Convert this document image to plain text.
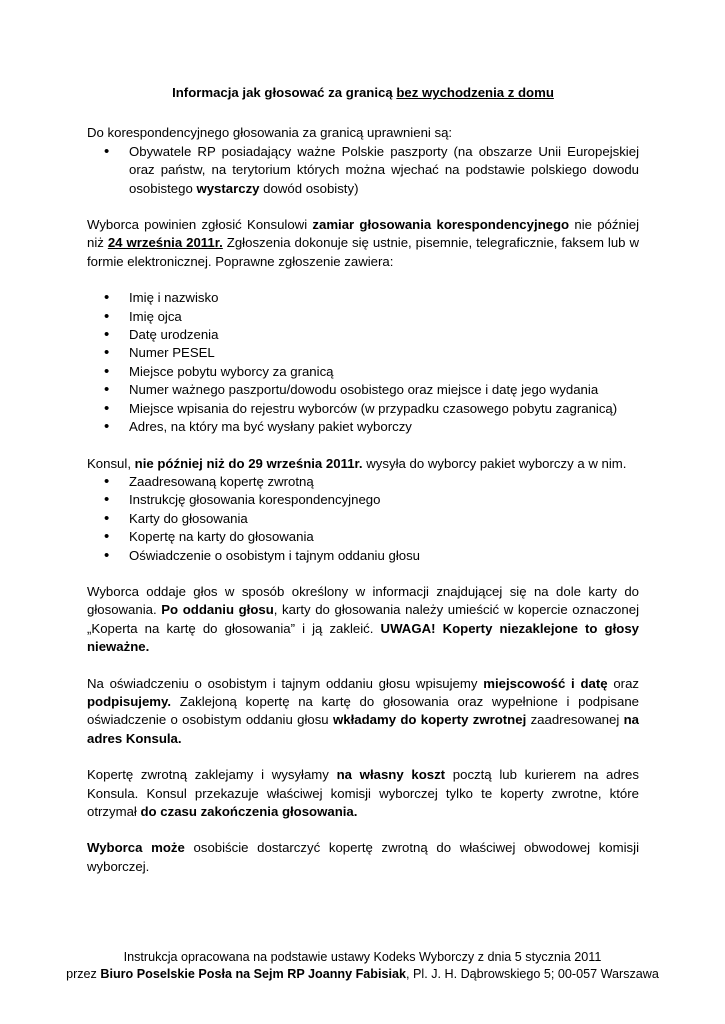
Informacja jak głosować za granicą bez wychodzenia z domu

Do korespondencyjnego głosowania za granicą uprawnieni są:

• Obywatele RP posiadający ważne Polskie paszporty (na obszarze Unii Europejskiej oraz państw, na terytorium których można wjechać na podstawie polskiego dowodu osobistego wystarczy dowód osobisty)

Wyborca powinien zgłosić Konsulowi zamiar głosowania korespondencyjnego nie później niż 24 września 2011r. Zgłoszenia dokonuje się ustnie, pisemnie, telegraficznie, faksem lub w formie elektronicznej. Poprawne zgłoszenie zawiera:

• Imię i nazwisko
• Imię ojca
• Datę urodzenia
• Numer PESEL
• Miejsce pobytu wyborcy za granicą
• Numer ważnego paszportu/dowodu osobistego oraz miejsce i datę jego wydania
• Miejsce wpisania do rejestru wyborców (w przypadku czasowego pobytu zagranicą)
• Adres, na który ma być wysłany pakiet wyborczy

Konsul, nie później niż do 29 września 2011r. wysyła do wyborcy pakiet wyborczy a w nim.

• Zaadresowaną kopertę zwrotną
• Instrukcję głosowania korespondencyjnego
• Karty do głosowania
• Kopertę na karty do głosowania
• Oświadczenie o osobistym i tajnym oddaniu głosu

Wyborca oddaje głos w sposób określony w informacji znajdującej się na dole karty do głosowania. Po oddaniu głosu, karty do głosowania należy umieścić w kopercie oznaczonej „Koperta na kartę do głosowania” i ją zakleić. UWAGA! Koperty niezaklejone to głosy nieważne.

Na oświadczeniu o osobistym i tajnym oddaniu głosu wpisujemy miejscowość i datę oraz podpisujemy. Zaklejoną kopertę na kartę do głosowania oraz wypełnione i podpisane oświadczenie o osobistym oddaniu głosu wkładamy do koperty zwrotnej zaadresowanej na adres Konsula.

Kopertę zwrotną zaklejamy i wysyłamy na własny koszt pocztą lub kurierem na adres Konsula. Konsul przekazuje właściwej komisji wyborczej tylko te koperty zwrotne, które otrzymał do czasu zakończenia głosowania.

Wyborca może osobiście dostarczyć kopertę zwrotną do właściwej obwodowej komisji wyborczej.

Instrukcja opracowana na podstawie ustawy Kodeks Wyborczy z dnia 5 stycznia 2011

przez Biuro Poselskie Posła na Sejm RP Joanny Fabisiak, Pl. J. H. Dąbrowskiego 5; 00-057 Warszawa
